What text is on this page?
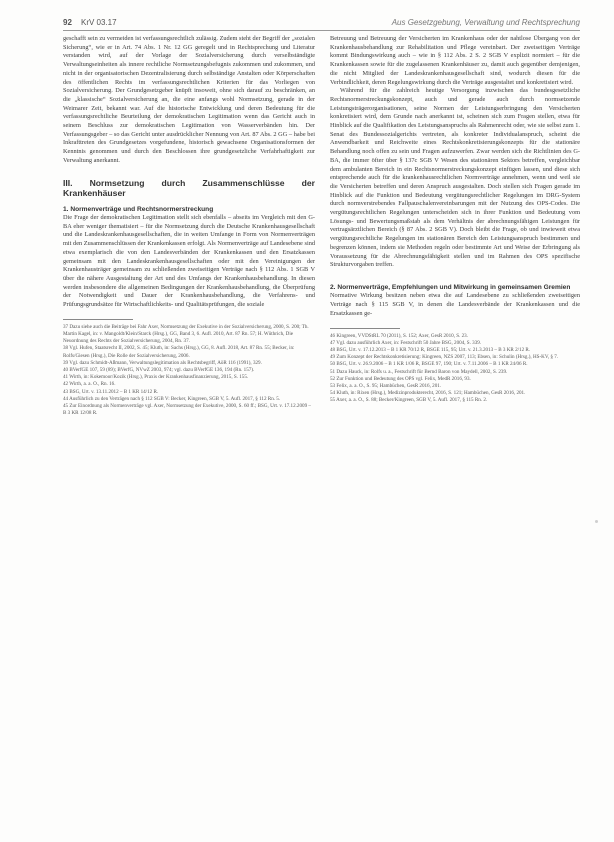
92 KrV 03.17	Aus Gesetzgebung, Verwaltung und Rechtsprechung

geschafft sein zu vermeiden ist verfassungsrechtlich zulässig. Zudem steht der Begriff der „sozialen Sicherung“, wie er in Art. 74 Abs. 1 Nr. 12 GG geregelt und in Rechtsprechung und Literatur verstanden wird, auf der Vorlage der Sozialversicherung durch verselbständigte Verwaltungseinheiten als innere rechtliche Normsetzungsbefugnis zukommen und zukommen, und nicht in der organisatorischen Dezentralisierung durch selbständige Anstalten oder Körperschaften des öffentlichen Rechts im verfassungsrechtlichen Kriterien für das Vorliegen von Sozialversicherung. Der Grundgesetzgeber knüpft insoweit, ohne sich darauf zu beschränken, an die „klassische“ Sozialversicherung an, die eine anfangs wohl Normsetzung, gerade in der Weimarer Zeit, bekannt war. Auf die historische Entwicklung und deren Bedeutung für die verfassungsrechtliche Beurteilung der demokratischen Legitimation wenn das Gericht auch in seinem Beschluss zur demokratischen Legitimation von Wasserverbänden hin. Der Verfassungsgeber – so das Gericht unter ausdrücklicher Nennung von Art. 87 Abs. 2 GG – habe bei Inkrafttreten des Grundgesetzes vorgefundene, historisch gewachsene Organisationsformen der Kenntnis genommen und durch den Beschlossen ihre grundgesetzliche Verfahrhaftigkeit zur Verwaltung anerkannt.

III. Normsetzung durch Zusammenschlüsse der Krankenhäuser
1. Normenverträge und Rechtsnormerstreckung

Die Frage der demokratischen Legitimation stellt sich ebenfalls – abseits im Vergleich mit den G-BA eher weniger thematisiert – für die Normsetzung durch die Deutsche Krankenhausgesellschaft und die Landeskrankenhausgesellschaften, die in weiten Umfange in Form von Normenverträgen mit den Zusammenschlüssen der Krankenkassen erfolgt. Als Normenverträge auf Landesebene sind etwa exemplarisch die von den Landesverbänden der Krankenkassen und den Ersatzkassen gemeinsam mit den Landeskrankenhausgesellschaften oder mit den Vereinigungen der Krankenhausträger gemeinsam zu schließenden zweiseitigen Verträge nach § 112 Abs. 1 SGB V über die nähere Ausgestaltung der Art und des Umfangs der Krankenhausbehandlung. In diesen werden insbesondere die allgemeinen Bedingungen der Krankenhausbehandlung, die Überprüfung der Notwendigkeit und Dauer der Krankenhausbehandlung, die Verfahrens- und Prüfungsgrundsätze für Wirtschaftlichkeits- und Qualitätsprüfungen, die soziale

37 Dazu siehe auch die Beiträge bei Fahr Axer, Normsetzung der Exekutive in der Sozialversicherung, 2000, S. 200; Th. Martin Kagel, in: v. Mangoldt/Klein/Starck (Hrsg.), GG, Band 3, 6. Aufl. 2010, Art. 87 Rn. 57; H. Wüthrich, Die Neuordnung des Rechts der Sozialversicherung, 2004, Rn. 37.
38 Vgl. Hufen, Staatsrecht II, 2002, S. 45; Kluth, in: Sachs (Hrsg.), GG, 8. Aufl. 2018, Art. 87 Rn. 55; Becker, in: Rolfs/Giesen (Hrsg.), Die Rolle der Sozialversicherung, 2006.
39 Vgl. dazu Schmidt-Aßmann, Verwaltungslegitimation als Rechtsbegriff, AöR 116 (1991), 329.
40 BVerfGE 107, 59 (89); BVerfG, NVwZ 2003, 974; vgl. dazu BVerfGE 136, 194 (Rn. 157).
41 Wirth, in: Kokemoor/Kozik (Hrsg.), Praxis der Krankenhausfinanzierung, 2015, S. 155.
42 Wirth, a. a. O., Rn. 16.
43 BSG, Urt. v. 13.11.2012 – B 1 KR 14/12 R.
44 Ausführlich zu den Verträgen nach § 112 SGB V: Becker, Kingreen, SGB V, 5. Aufl. 2017, § 112 Rn. 5.
45 Zur Einordnung als Normenverträge vgl. Axer, Normsetzung der Exekutive, 2000, S. 60 ff.; BSG, Urt. v. 17.12.2009 – B 3 KR 12/08 R.

Betreuung und Betreuung der Versicherten im Krankenhaus oder der nahtlose Übergang von der Krankenhausbehandlung zur Rehabilitation und Pflege vereinbart. Der zweiseitigen Verträge kommt Bindungswirkung auch – wie in § 112 Abs. 2 S. 2 SGB V explizit normiert – für die Krankenkassen sowie für die zugelassenen Krankenhäuser zu, damit auch gegenüber demjenigen, die nicht Mitglied der Landeskrankenhausgesellschaft sind, wodurch diesen für die Verbindlichkeit, deren Regelungswirkung durch die Verträge ausgestaltet und konkretisiert wird.

Während für die zahlreich heutige Versorgung inzwischen das bundesgesetzliche Rechtsnormerstreckungskonzept, auch und gerade auch durch normsetzende Leistungsträgerorganisationen, seine Normen der Leistungserbringung den Versicherten konkretisiert wird, dem Grunde nach anerkannt ist, scheinen sich zum Fragen stellen, etwa für Hinblick auf die Qualifikation des Leistungsanspruchs als Rahmenrecht oder, wie sie selbst zum 1. Senat des Bundessozialgerichts vertreten, als konkreter Individualanspruch, scheint die Anwendbarkeit und Reichweite eines Rechtskonkretisierungskonzepts für die stationäre Behandlung noch offen zu sein und Fragen aufzuwerfen. Zwar werden sich die Richtlinien des G-BA, die immer öfter über § 137c SGB V Wesen des stationären Sektors betreffen, vergleichbar dem ambulanten Bereich in ein Rechtsnormerstreckungskonzept einfügen lassen, und diese sich entsprechende auch für die krankenhausrechtlichen Normverträge annehmen, wenn und weil sie die Versicherten betreffen und deren Anspruch ausgestalten. Doch stellen sich Fragen gerade im Hinblick auf die Funktion und Bedeutung vergütungsrechtlicher Regelungen im DRG-System durch normverstrebendes Fallpauschalenvereinbarungen mit der Nutzung des OPS-Codes. Die vergütungsrechtlichen Regelungen unterscheiden sich in ihrer Funktion und Bedeutung vom Lösungs- und Bewertungsmaßstab als dem Verhältnis der abrechnungsfähigen Leistungen für vertragsärztlichen Bereich (§ 87 Abs. 2 SGB V). Doch bleibt die Frage, ob und inwieweit etwa vergütungsrechtliche Regelungen im stationären Bereich den Leistungsanspruch bestimmen und begrenzen können, indem sie Methoden regeln oder bestimmte Art und Weise der Erbringung als Voraussetzung für die Abrechnungsfähigkeit stellen und im Rahmen des OPS spezifische Strukturvorgaben treffen.

2. Normenverträge, Empfehlungen und Mitwirkung in gemeinsamen Gremien

Normative Wirkung besitzen neben etwa die auf Landesebene zu schließenden zweiseitigen Verträge nach § 115 SGB V, in denen die Landesverbände der Krankenkassen und die Ersatzkassen ge-

46 Kingreen, VVDStRL 70 (2011), S. 152; Axer, GesR 2010, S. 23.
47 Vgl. dazu ausführlich Axer, in: Festschrift 50 Jahre BSG, 2004, S. 339.
48 BSG, Urt. v. 17.12.2013 – B 1 KR 70/12 R, BSGE 115, 95; Urt. v. 21.3.2013 – B 3 KR 2/12 R.
49 Zum Konzept der Rechtskonkretisierung: Kingreen, NZS 2007, 113; Ebsen, in: Schulin (Hrsg.), HS-KV, § 7.
50 BSG, Urt. v. 26.9.2006 – B 1 KR 1/06 R, BSGE 97, 190; Urt. v. 7.11.2006 – B 1 KR 24/06 R.
51 Dazu Hauck, in: Rolfs u. a., Festschrift für Bernd Baron von Maydell, 2002, S. 239.
52 Zur Funktion und Bedeutung des OPS vgl. Felix, MedR 2016, 93.
53 Felix, a. a. O., S. 95; Hambüchen, GesR 2016, 201.
54 Kluth, in: Rixen (Hrsg.), Medizinprodukterecht, 2016, S. 121; Hambüchen, GesR 2016, 201.
55 Axer, a. a. O., S. 88; Becker/Kingreen, SGB V, 5. Aufl. 2017, § 115 Rn. 2.
